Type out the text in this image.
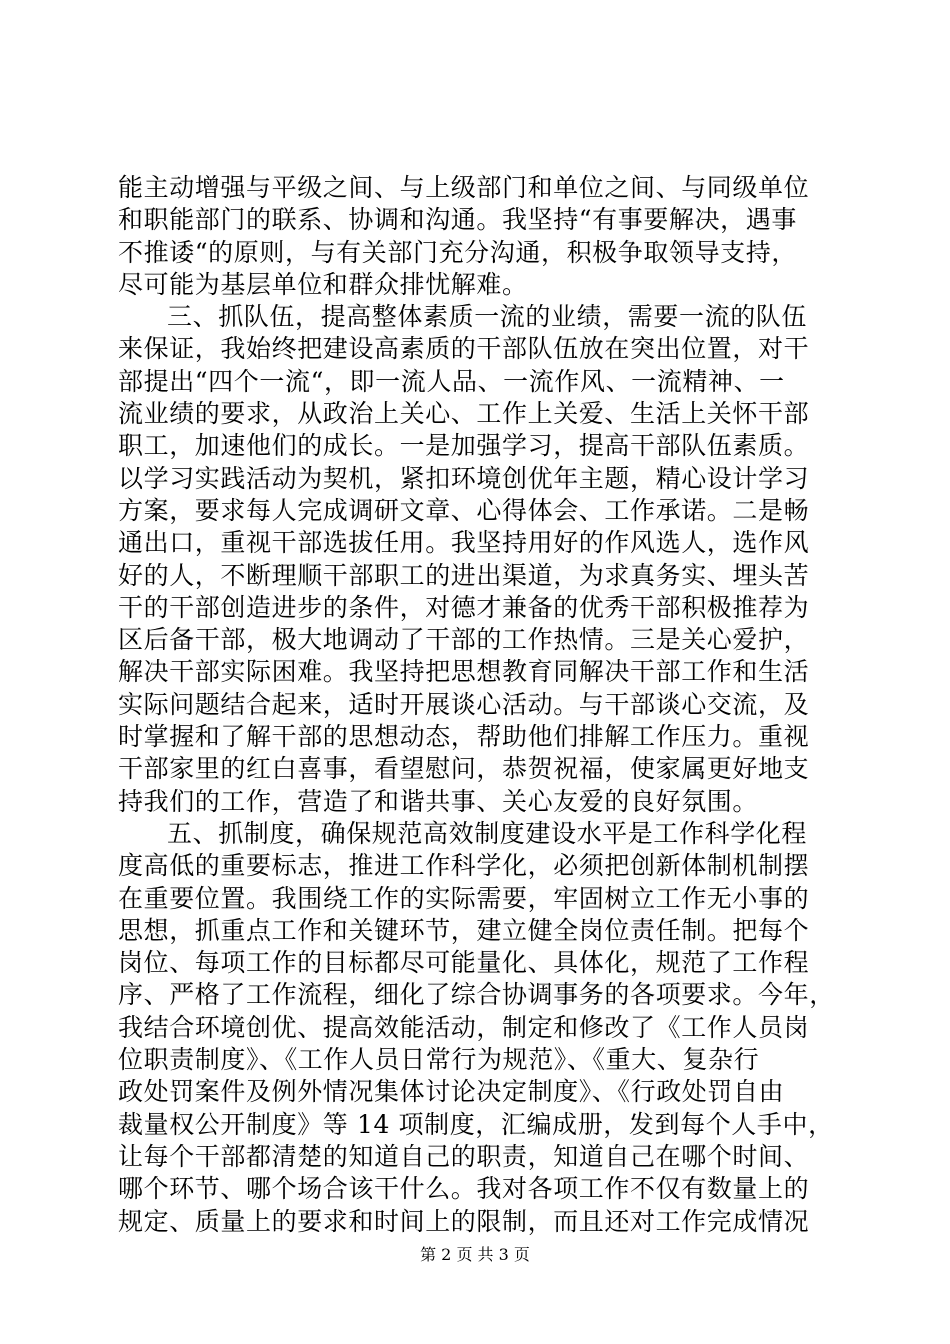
能主动增强与平级之间、与上级部门和单位之间、与同级单位
和职能部门的联系、协调和沟通。我坚持“有事要解决，遇事
不推诿“的原则，与有关部门充分沟通，积极争取领导支持，
尽可能为基层单位和群众排忧解难。
三、抓队伍，提高整体素质一流的业绩，需要一流的队伍
来保证，我始终把建设高素质的干部队伍放在突出位置，对干
部提出“四个一流“，即一流人品、一流作风、一流精神、一
流业绩的要求，从政治上关心、工作上关爱、生活上关怀干部
职工，加速他们的成长。一是加强学习，提高干部队伍素质。
以学习实践活动为契机，紧扣环境创优年主题，精心设计学习
方案，要求每人完成调研文章、心得体会、工作承诺。二是畅
通出口，重视干部选拔任用。我坚持用好的作风选人，选作风
好的人，不断理顺干部职工的进出渠道，为求真务实、埋头苦
干的干部创造进步的条件，对德才兼备的优秀干部积极推荐为
区后备干部，极大地调动了干部的工作热情。三是关心爱护，
解决干部实际困难。我坚持把思想教育同解决干部工作和生活
实际问题结合起来，适时开展谈心活动。与干部谈心交流，及
时掌握和了解干部的思想动态，帮助他们排解工作压力。重视
干部家里的红白喜事，看望慰问，恭贺祝福，使家属更好地支
持我们的工作，营造了和谐共事、关心友爱的良好氛围。
五、抓制度，确保规范高效制度建设水平是工作科学化程
度高低的重要标志，推进工作科学化，必须把创新体制机制摆
在重要位置。我围绕工作的实际需要，牢固树立工作无小事的
思想，抓重点工作和关键环节，建立健全岗位责任制。把每个
岗位、每项工作的目标都尽可能量化、具体化，规范了工作程
序、严格了工作流程，细化了综合协调事务的各项要求。今年，
我结合环境创优、提高效能活动，制定和修改了《工作人员岗
位职责制度》、《工作人员日常行为规范》、《重大、复杂行
政处罚案件及例外情况集体讨论决定制度》、《行政处罚自由
裁量权公开制度》等 14 项制度，汇编成册，发到每个人手中，
让每个干部都清楚的知道自己的职责，知道自己在哪个时间、
哪个环节、哪个场合该干什么。我对各项工作不仅有数量上的
规定、质量上的要求和时间上的限制，而且还对工作完成情况
第 2 页 共 3 页
